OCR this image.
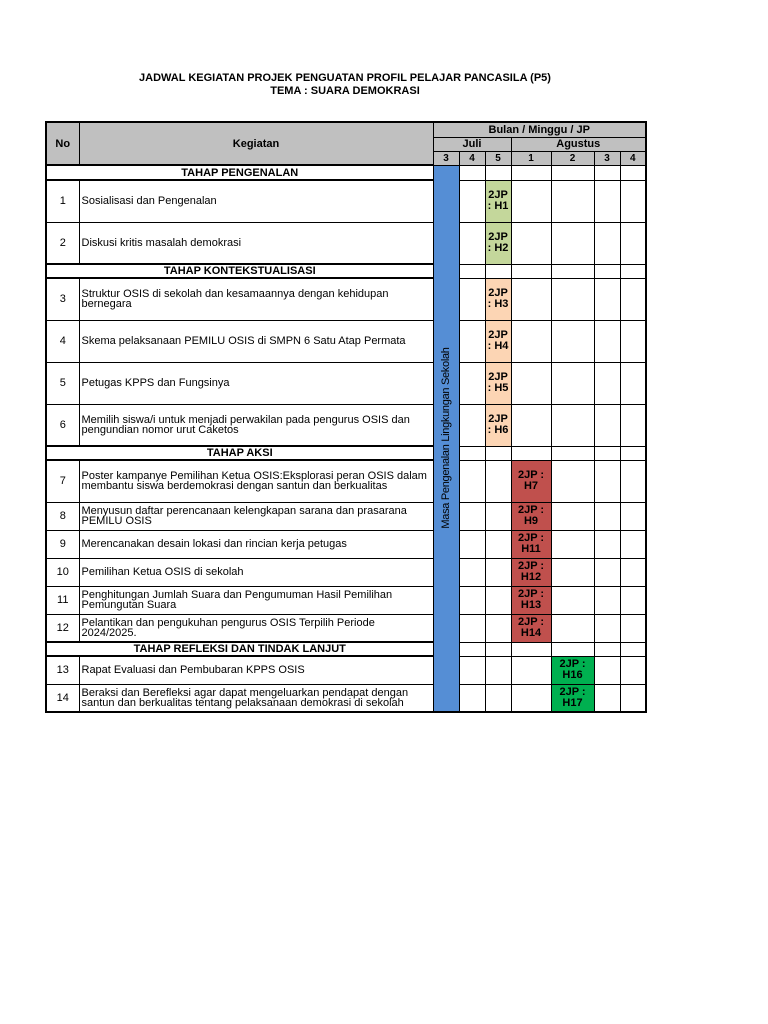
JADWAL KEGIATAN PROJEK PENGUATAN PROFIL PELAJAR PANCASILA (P5)
TEMA : SUARA DEMOKRASI
No	Kegiatan	Bulan / Minggu / JP						
		Juli			Agustus			
		3	4	5	1	2	3	4
TAHAP PENGENALAN		Masa Pengenalan Lingkungan Sekolah						

1	Sosialisasi dan Pengenalan			2JP : H1				
2	Diskusi kritis masalah demokrasi			2JP : H2				
TAHAP KONTEKSTUALISASI								
3	Struktur OSIS di sekolah dan kesamaannya dengan kehidupan bernegara			2JP : H3				
4	Skema pelaksanaan PEMILU OSIS di SMPN 6 Satu Atap Permata			2JP : H4				
5	Petugas KPPS dan Fungsinya			2JP : H5				
6	Memilih siswa/i untuk menjadi perwakilan pada pengurus OSIS dan pengundian nomor urut Caketos			2JP : H6				
TAHAP AKSI								
7	Poster kampanye Pemilihan Ketua OSIS:Eksplorasi peran OSIS dalam membantu siswa berdemokrasi dengan santun dan berkualitas				2JP : H7			
8	Menyusun daftar perencanaan kelengkapan sarana dan prasarana PEMILU OSIS				2JP : H9			
9	Merencanakan desain lokasi dan rincian kerja petugas				2JP : H11			
10	Pemilihan Ketua OSIS di sekolah				2JP : H12			
11	Penghitungan Jumlah Suara dan Pengumuman Hasil Pemilihan Pemungutan Suara				2JP : H13			
12	Pelantikan dan pengukuhan pengurus OSIS Terpilih Periode 2024/2025.				2JP : H14			
TAHAP REFLEKSI DAN TINDAK LANJUT								
13	Rapat Evaluasi dan Pembubaran KPPS OSIS					2JP : H16		
14	Beraksi dan Berefleksi agar dapat mengeluarkan pendapat dengan santun dan berkualitas tentang pelaksanaan demokrasi di sekolah					2JP : H17		
